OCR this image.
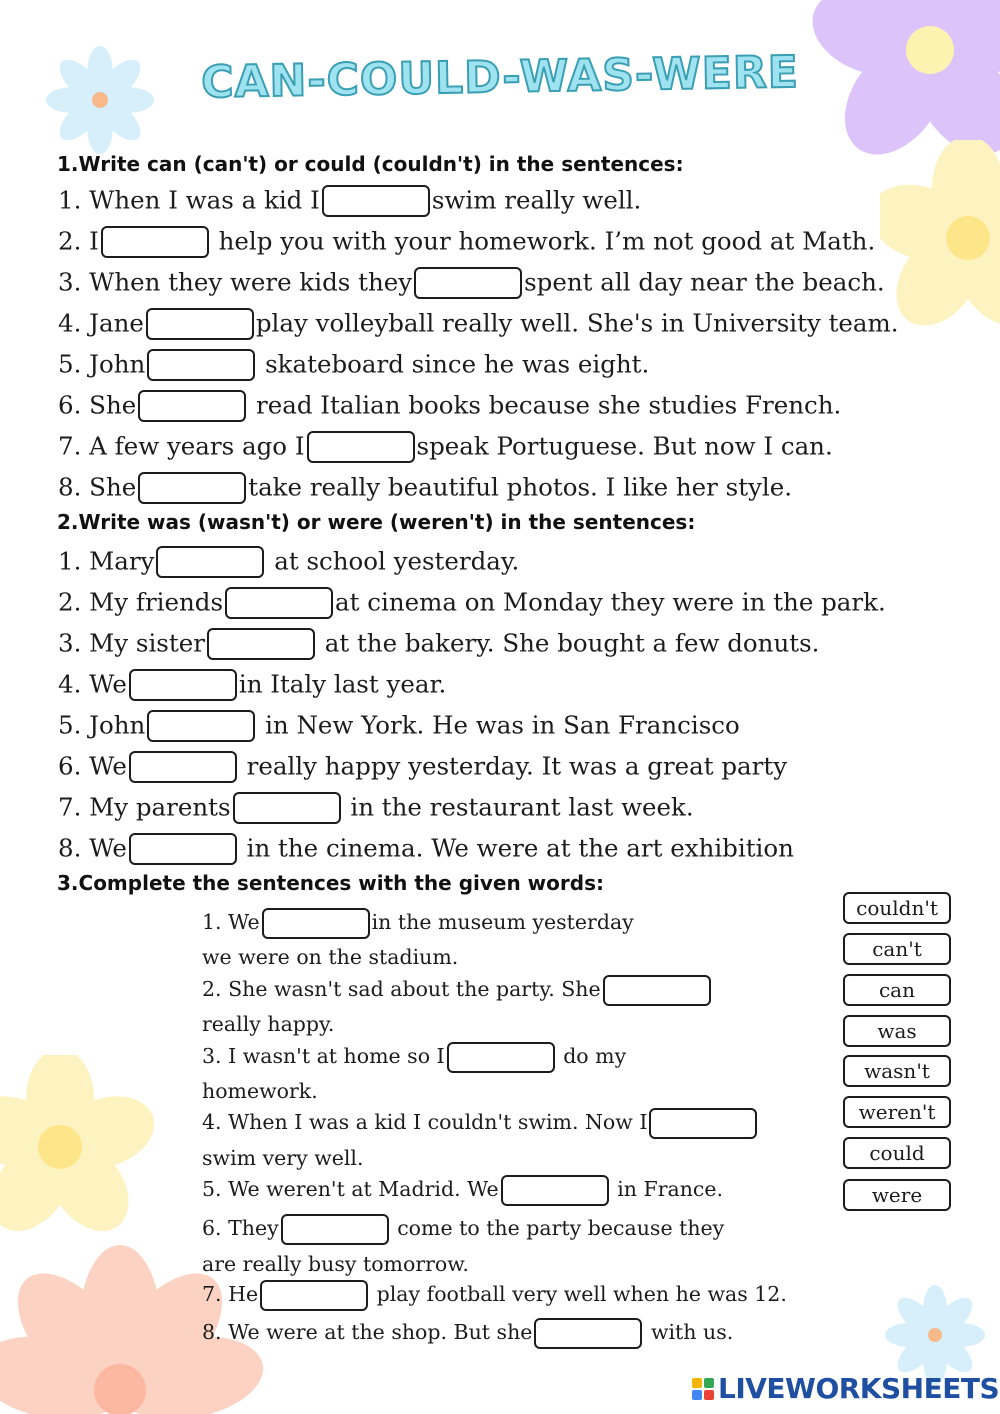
CAN-COULD-WAS-WERE
1.Write can (can't) or could (couldn't) in the sentences:
1. When I was a kid I	swim really well.
2. I	help you with your homework. I’m not good at Math.
3. When they were kids they	spent all day near the beach.
4. Jane	play volleyball really well. She's in University team.
5. John	skateboard since he was eight.
6. She	read Italian books because she studies French.
7. A few years ago I	speak Portuguese. But now I can.
8. She	take really beautiful photos. I like her style.
2.Write was (wasn't) or were (weren't) in the sentences:
1. Mary	at school yesterday.
2. My friends	at cinema on Monday they were in the park.
3. My sister	at the bakery. She bought a few donuts.
4. We	in Italy last year.
5. John	in New York. He was in San Francisco
6. We	really happy yesterday. It was a great party
7. My parents	in the restaurant last week.
8. We	in the cinema. We were at the art exhibition
3.Complete the sentences with the given words:
1. We	in the museum yesterday
we were on the stadium.
2. She wasn't sad about the party. She
really happy.
3. I wasn't at home so I	do my
homework.
4. When I was a kid I couldn't swim. Now I
swim very well.
5. We weren't at Madrid. We	in France.
6. They	come to the party because they
are really busy tomorrow.
7. He	play football very well when he was 12.
8. We were at the shop. But she	with us.
couldn't
can't
can
was
wasn't
weren't
could
were
LIVEWORKSHEETS
